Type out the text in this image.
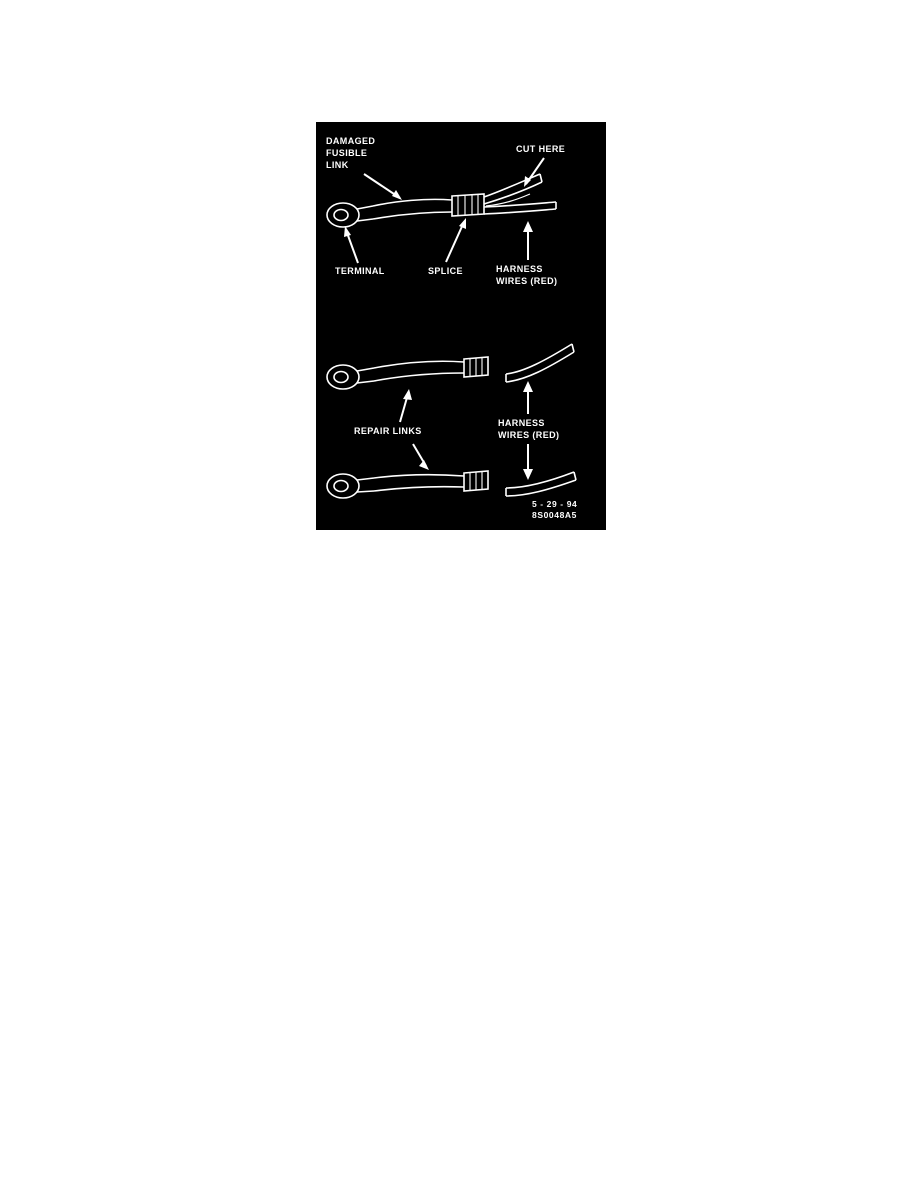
DAMAGED
FUSIBLE
LINK
CUT HERE
TERMINAL	SPLICE	HARNESS
WIRES (RED)
REPAIR LINKS
HARNESS
WIRES (RED)
5 - 29 - 94
8S0048A5
